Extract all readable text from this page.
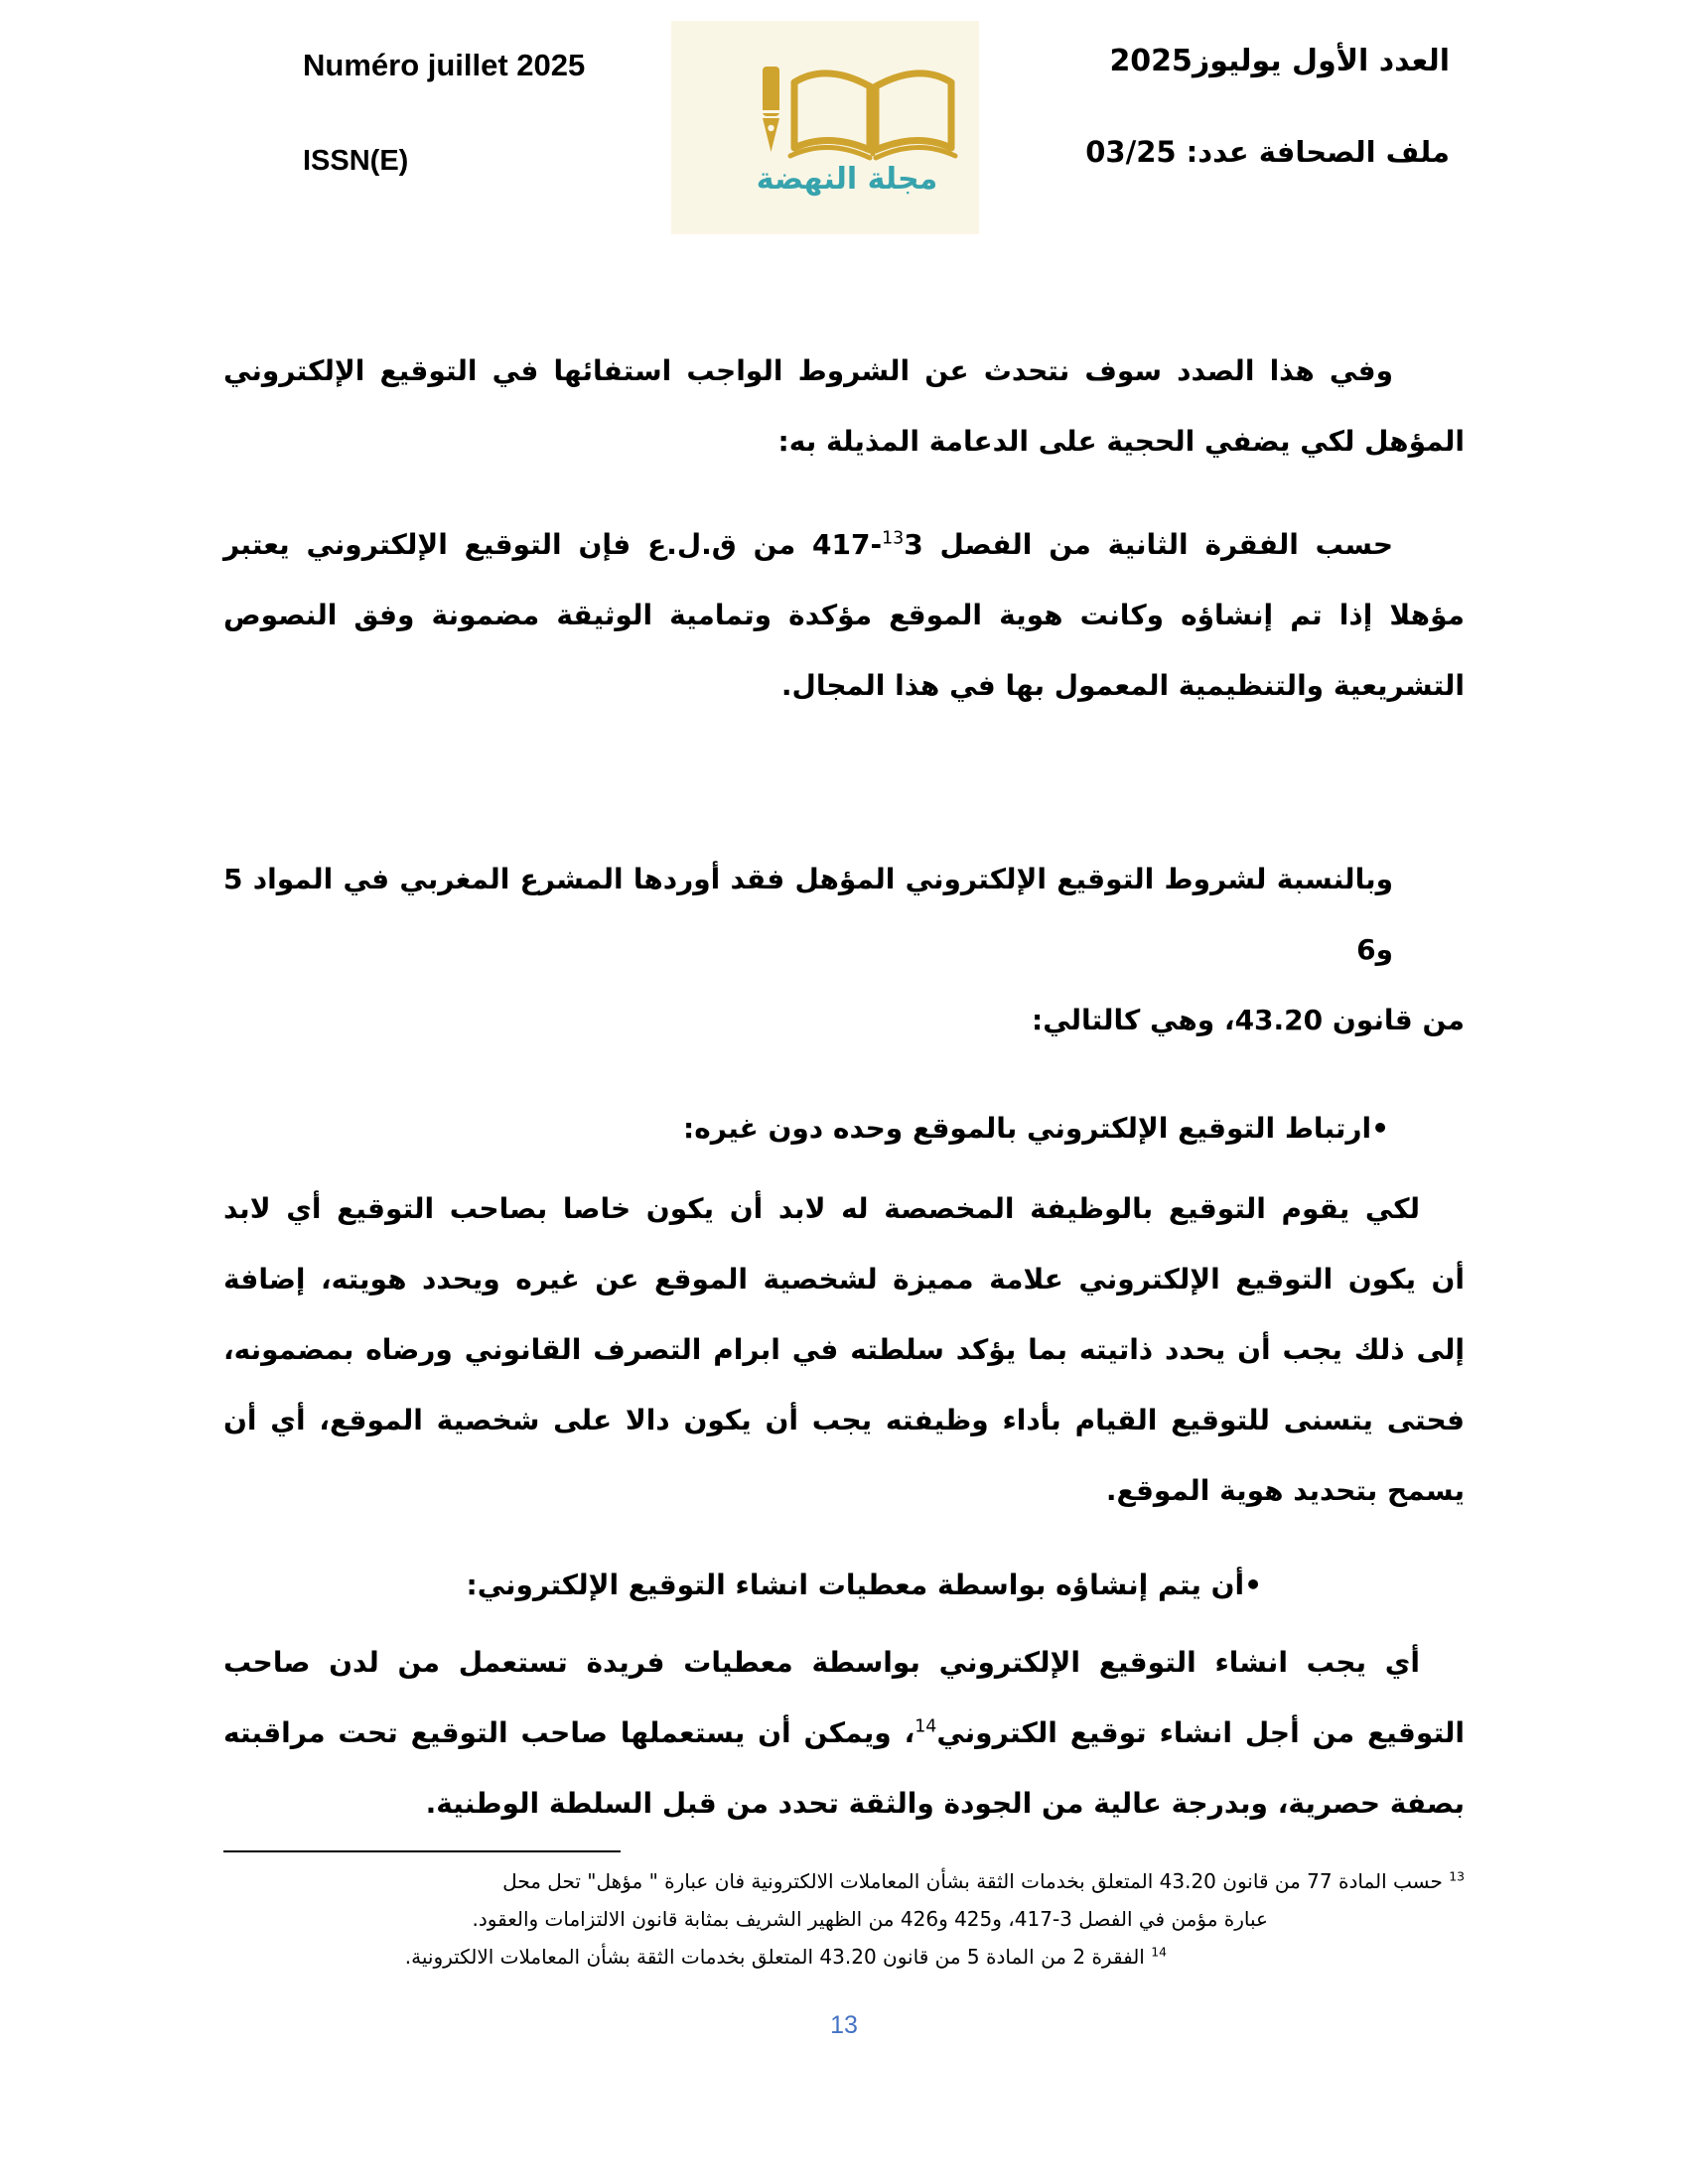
Numéro juillet 2025
ISSN(E)
العدد الأول يوليوز2025
ملف الصحافة عدد: 03/25
مجلة النهضة
وفي هذا الصدد سوف نتحدث عن الشروط الواجب استفائها في التوقيع الإلكتروني
المؤهل لكي يضفي الحجية على الدعامة المذيلة به:
حسب الفقرة الثانية من الفصل $^{13}$3-417 من ق.ل.ع فإن التوقيع الإلكتروني يعتبر
مؤهلا إذا تم إنشاؤه وكانت هوية الموقع مؤكدة وتمامية الوثيقة مضمونة وفق النصوص
التشريعية والتنظيمية المعمول بها في هذا المجال.
وبالنسبة لشروط التوقيع الإلكتروني المؤهل فقد أوردها المشرع المغربي في المواد 5 و6
من قانون 43.20، وهي كالتالي:
•ارتباط التوقيع الإلكتروني بالموقع وحده دون غيره:
لكي يقوم التوقيع بالوظيفة المخصصة له لابد أن يكون خاصا بصاحب التوقيع أي لابد
أن يكون التوقيع الإلكتروني علامة مميزة لشخصية الموقع عن غيره ويحدد هويته، إضافة
إلى ذلك يجب أن يحدد ذاتيته بما يؤكد سلطته في ابرام التصرف القانوني ورضاه بمضمونه،
فحتى يتسنى للتوقيع القيام بأداء وظيفته يجب أن يكون دالا على شخصية الموقع، أي أن
يسمح بتحديد هوية الموقع.
•أن يتم إنشاؤه بواسطة معطيات انشاء التوقيع الإلكتروني:
أي يجب انشاء التوقيع الإلكتروني بواسطة معطيات فريدة تستعمل من لدن صاحب
التوقيع من أجل انشاء توقيع الكتروني$^{14}$، ويمكن أن يستعملها صاحب التوقيع تحت مراقبته
بصفة حصرية، وبدرجة عالية من الجودة والثقة تحدد من قبل السلطة الوطنية.
$^{13}$ حسب المادة 77 من قانون 43.20 المتعلق بخدمات الثقة بشأن المعاملات الالكترونية فان عبارة " مؤهل" تحل محل
عبارة مؤمن في الفصل 3-417، و425 و426 من الظهير الشريف بمثابة قانون الالتزامات والعقود.
$^{14}$ الفقرة 2 من المادة 5 من قانون 43.20 المتعلق بخدمات الثقة بشأن المعاملات الالكترونية.
13
